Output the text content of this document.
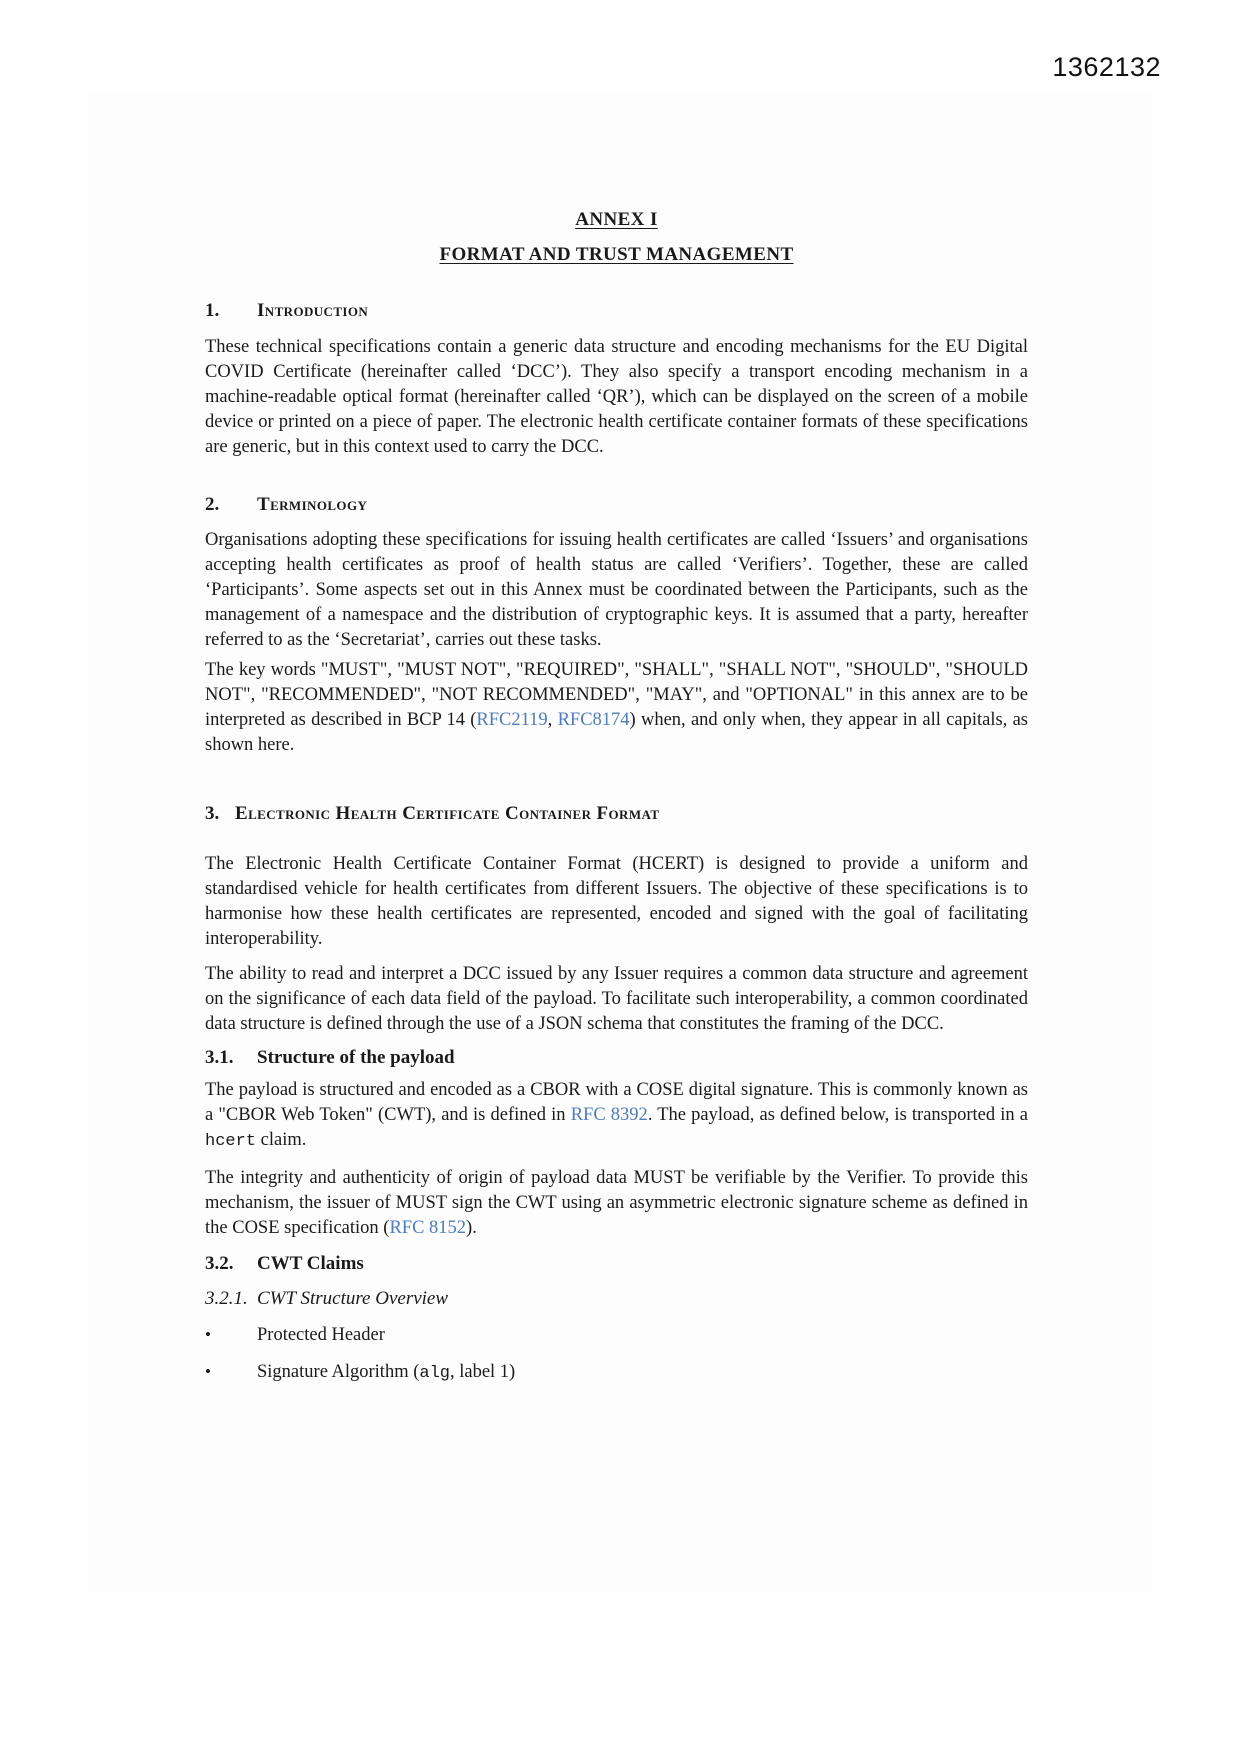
1362132
ANNEX I
FORMAT AND TRUST MANAGEMENT
1.	Introduction

These technical specifications contain a generic data structure and encoding mechanisms for the EU Digital COVID Certificate (hereinafter called ‘DCC’). They also specify a transport encoding mechanism in a machine-readable optical format (hereinafter called ‘QR’), which can be displayed on the screen of a mobile device or printed on a piece of paper. The electronic health certificate container formats of these specifications are generic, but in this context used to carry the DCC.

2.	Terminology

Organisations adopting these specifications for issuing health certificates are called ‘Issuers’ and organisations accepting health certificates as proof of health status are called ‘Verifiers’. Together, these are called ‘Participants’. Some aspects set out in this Annex must be coordinated between the Participants, such as the management of a namespace and the distribution of cryptographic keys. It is assumed that a party, hereafter referred to as the ‘Secretariat’, carries out these tasks.

The key words "MUST", "MUST NOT", "REQUIRED", "SHALL", "SHALL NOT", "SHOULD", "SHOULD NOT", "RECOMMENDED", "NOT RECOMMENDED", "MAY", and "OPTIONAL" in this annex are to be interpreted as described in BCP 14 (RFC2119, RFC8174) when, and only when, they appear in all capitals, as shown here.

3. Electronic Health Certificate Container Format

The Electronic Health Certificate Container Format (HCERT) is designed to provide a uniform and standardised vehicle for health certificates from different Issuers. The objective of these specifications is to harmonise how these health certificates are represented, encoded and signed with the goal of facilitating interoperability.

The ability to read and interpret a DCC issued by any Issuer requires a common data structure and agreement on the significance of each data field of the payload. To facilitate such interoperability, a common coordinated data structure is defined through the use of a JSON schema that constitutes the framing of the DCC.

3.1.	Structure of the payload

The payload is structured and encoded as a CBOR with a COSE digital signature. This is commonly known as a "CBOR Web Token" (CWT), and is defined in RFC 8392. The payload, as defined below, is transported in a hcert claim.

The integrity and authenticity of origin of payload data MUST be verifiable by the Verifier. To provide this mechanism, the issuer of MUST sign the CWT using an asymmetric electronic signature scheme as defined in the COSE specification (RFC 8152).

3.2.	CWT Claims
3.2.1. CWT Structure Overview
•	Protected Header
•	Signature Algorithm (alg, label 1)
